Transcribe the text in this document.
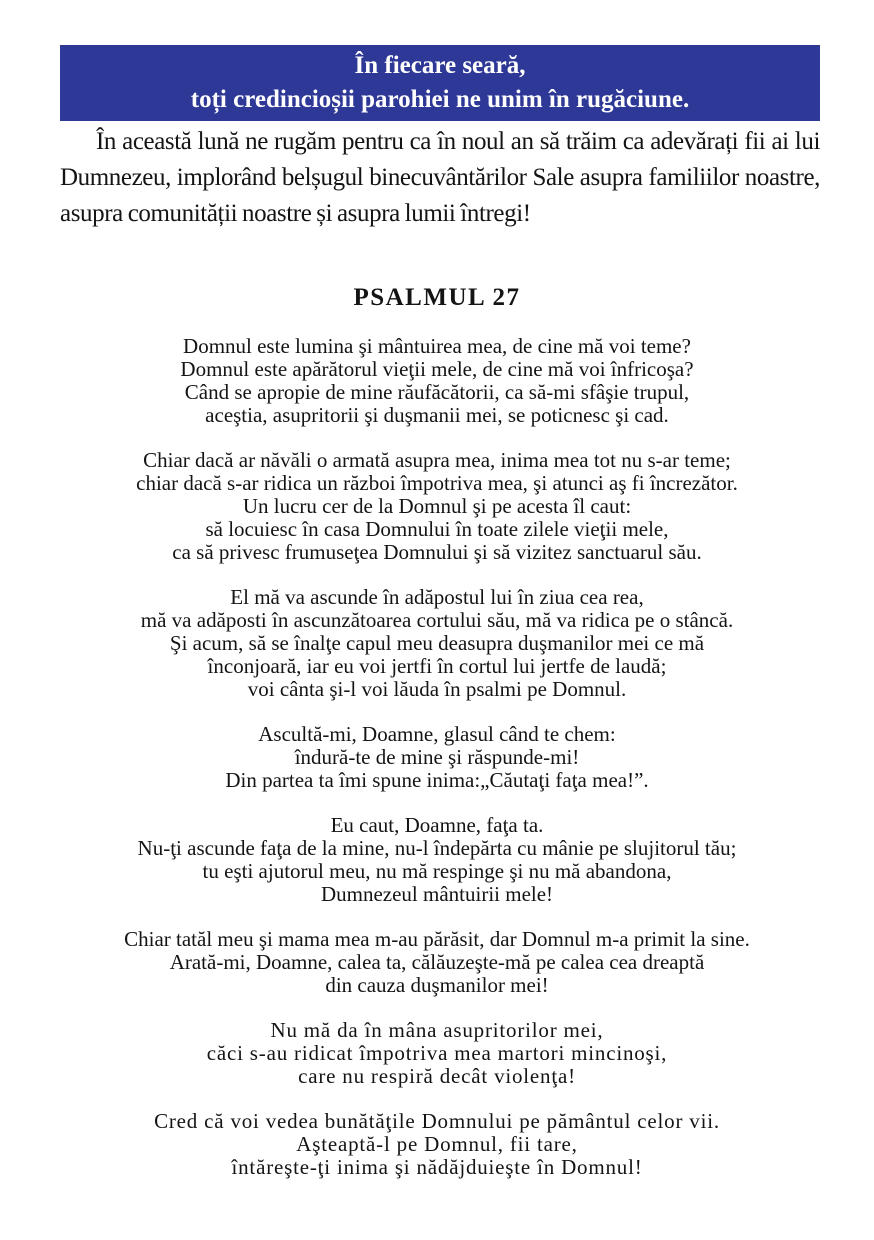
În fiecare seară,
toți credincioșii parohiei ne unim în rugăciune.

În această lună ne rugăm pentru ca în noul an să trăim ca adevărați fii ai lui Dumnezeu, implorând belșugul binecuvântărilor Sale asupra familiilor noastre, asupra comunității noastre și asupra lumii întregi!

PSALMUL 27
Domnul este lumina şi mântuirea mea, de cine mă voi teme?
Domnul este apărătorul vieţii mele, de cine mă voi înfricoşa?
Când se apropie de mine răufăcătorii, ca să-mi sfâşie trupul,
aceştia, asupritorii şi duşmanii mei, se poticnesc şi cad.
Chiar dacă ar năvăli o armată asupra mea, inima mea tot nu s-ar teme;
chiar dacă s-ar ridica un război împotriva mea, şi atunci aş fi încrezător.
Un lucru cer de la Domnul şi pe acesta îl caut:
să locuiesc în casa Domnului în toate zilele vieţii mele,
ca să privesc frumuseţea Domnului şi să vizitez sanctuarul său.
El mă va ascunde în adăpostul lui în ziua cea rea,
mă va adăposti în ascunzătoarea cortului său, mă va ridica pe o stâncă.
Şi acum, să se înalţe capul meu deasupra duşmanilor mei ce mă
înconjoară, iar eu voi jertfi în cortul lui jertfe de laudă;
voi cânta şi-l voi lăuda în psalmi pe Domnul.
Ascultă-mi, Doamne, glasul când te chem:
îndură-te de mine şi răspunde-mi!
Din partea ta îmi spune inima:„Căutaţi faţa mea!”.
Eu caut, Doamne, faţa ta.
Nu-ţi ascunde faţa de la mine, nu-l îndepărta cu mânie pe slujitorul tău;
tu eşti ajutorul meu, nu mă respinge şi nu mă abandona,
Dumnezeul mântuirii mele!
Chiar tatăl meu şi mama mea m-au părăsit, dar Domnul m-a primit la sine.
Arată-mi, Doamne, calea ta, călăuzeşte-mă pe calea cea dreaptă
din cauza duşmanilor mei!
Nu mă da în mâna asupritorilor mei,
căci s-au ridicat împotriva mea martori mincinoşi,
care nu respiră decât violenţa!
Cred că voi vedea bunătăţile Domnului pe pământul celor vii.
Aşteaptă-l pe Domnul, fii tare,
întăreşte-ţi inima şi nădăjduieşte în Domnul!
